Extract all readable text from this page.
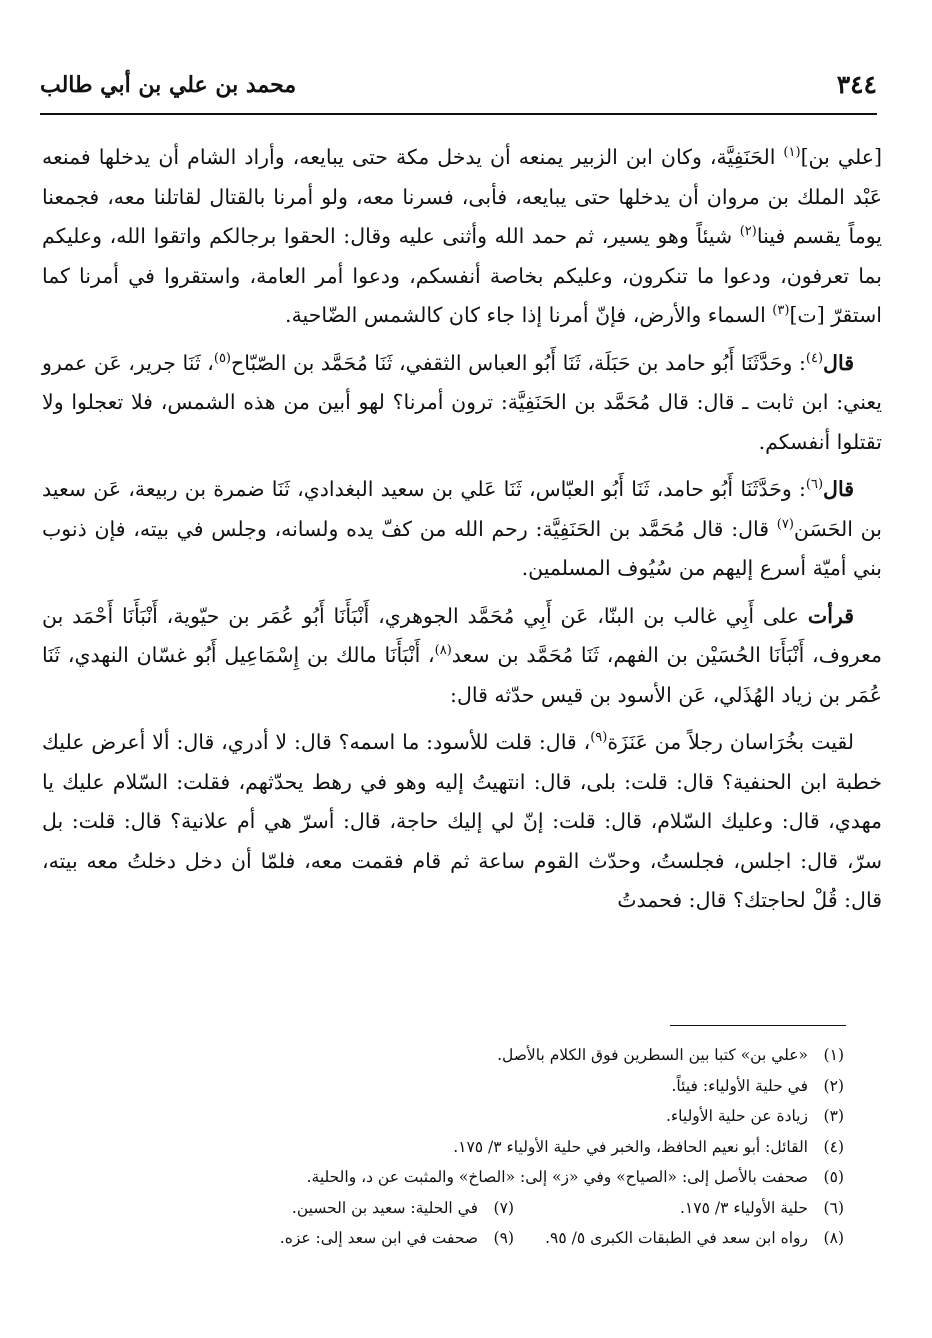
٣٤٤
محمد بن علي بن أبي طالب

[علي بن]$^{(١)}$ الحَنَفِيَّة، وكان ابن الزبير يمنعه أن يدخل مكة حتى يبايعه، وأراد الشام أن يدخلها فمنعه عَبْد الملك بن مروان أن يدخلها حتى يبايعه، فأبى، فسرنا معه، ولو أمرنا بالقتال لقاتلنا معه، فجمعنا يوماً يقسم فينا$^{(٢)}$ شيئاً وهو يسير، ثم حمد الله وأثنى عليه وقال: الحقوا برجالكم واتقوا الله، وعليكم بما تعرفون، ودعوا ما تنكرون، وعليكم بخاصة أنفسكم، ودعوا أمر العامة، واستقروا في أمرنا كما استقرّ [ت]$^{(٣)}$ السماء والأرض، فإنّ أمرنا إذا جاء كان كالشمس الضّاحية.

قال$^{(٤)}$: وحَدَّثَنَا أَبُو حامد بن حَبَلَة، ثَنَا أَبُو العباس الثقفي، ثَنَا مُحَمَّد بن الصّبّاح$^{(٥)}$، ثَنَا جرير، عَن عمرو يعني: ابن ثابت ـ قال: قال مُحَمَّد بن الحَنَفِيَّة: ترون أمرنا؟ لهو أبين من هذه الشمس، فلا تعجلوا ولا تقتلوا أنفسكم.

قال$^{(٦)}$: وحَدَّثَنَا أَبُو حامد، ثَنَا أَبُو العبّاس، ثَنَا عَلي بن سعيد البغدادي، ثَنَا ضمرة بن ربيعة، عَن سعيد بن الحَسَن$^{(٧)}$ قال: قال مُحَمَّد بن الحَنَفِيَّة: رحم الله من كفّ يده ولسانه، وجلس في بيته، فإن ذنوب بني أميّة أسرع إليهم من سُيُوف المسلمين.

قرأت على أَبِي غالب بن البنّا، عَن أَبِي مُحَمَّد الجوهري، أَنْبَأَنَا أَبُو عُمَر بن حيّوية، أَنْبَأَنَا أَحْمَد بن معروف، أَنْبَأَنَا الحُسَيْن بن الفهم، ثَنَا مُحَمَّد بن سعد$^{(٨)}$، أَنْبَأَنَا مالك بن إِسْمَاعِيل أَبُو غسّان النهدي، ثَنَا عُمَر بن زياد الهُذَلي، عَن الأسود بن قيس حدّثه قال:

لقيت بخُرَاسان رجلاً من عَنَزَة$^{(٩)}$، قال: قلت للأسود: ما اسمه؟ قال: لا أدري، قال: ألا أعرض عليك خطبة ابن الحنفية؟ قال: قلت: بلى، قال: انتهيتُ إليه وهو في رهط يحدّثهم، فقلت: السّلام عليك يا مهدي، قال: وعليك السّلام، قال: قلت: إنّ لي إليك حاجة، قال: أسرّ هي أم علانية؟ قال: قلت: بل سرّ، قال: اجلس، فجلستُ، وحدّث القوم ساعة ثم قام فقمت معه، فلمّا أن دخل دخلتُ معه بيته، قال: قُلْ لحاجتك؟ قال: فحمدتُ

(١)«علي بن» كتبا بين السطرين فوق الكلام بالأصل.
(٢)في حلية الأولياء: فيئاً.
(٣)زيادة عن حلية الأولياء.
(٤)القائل: أبو نعيم الحافظ، والخبر في حلية الأولياء ٣/ ١٧٥.
(٥)صحفت بالأصل إلى: «الصياح» وفي «ز» إلى: «الصاخ» والمثبت عن د، والحلية.
(٦)حلية الأولياء ٣/ ١٧٥.
(٧)في الحلية: سعيد بن الحسين.
(٨)رواه ابن سعد في الطبقات الكبرى ٥/ ٩٥.
(٩)صحفت في ابن سعد إلى: عزه.
